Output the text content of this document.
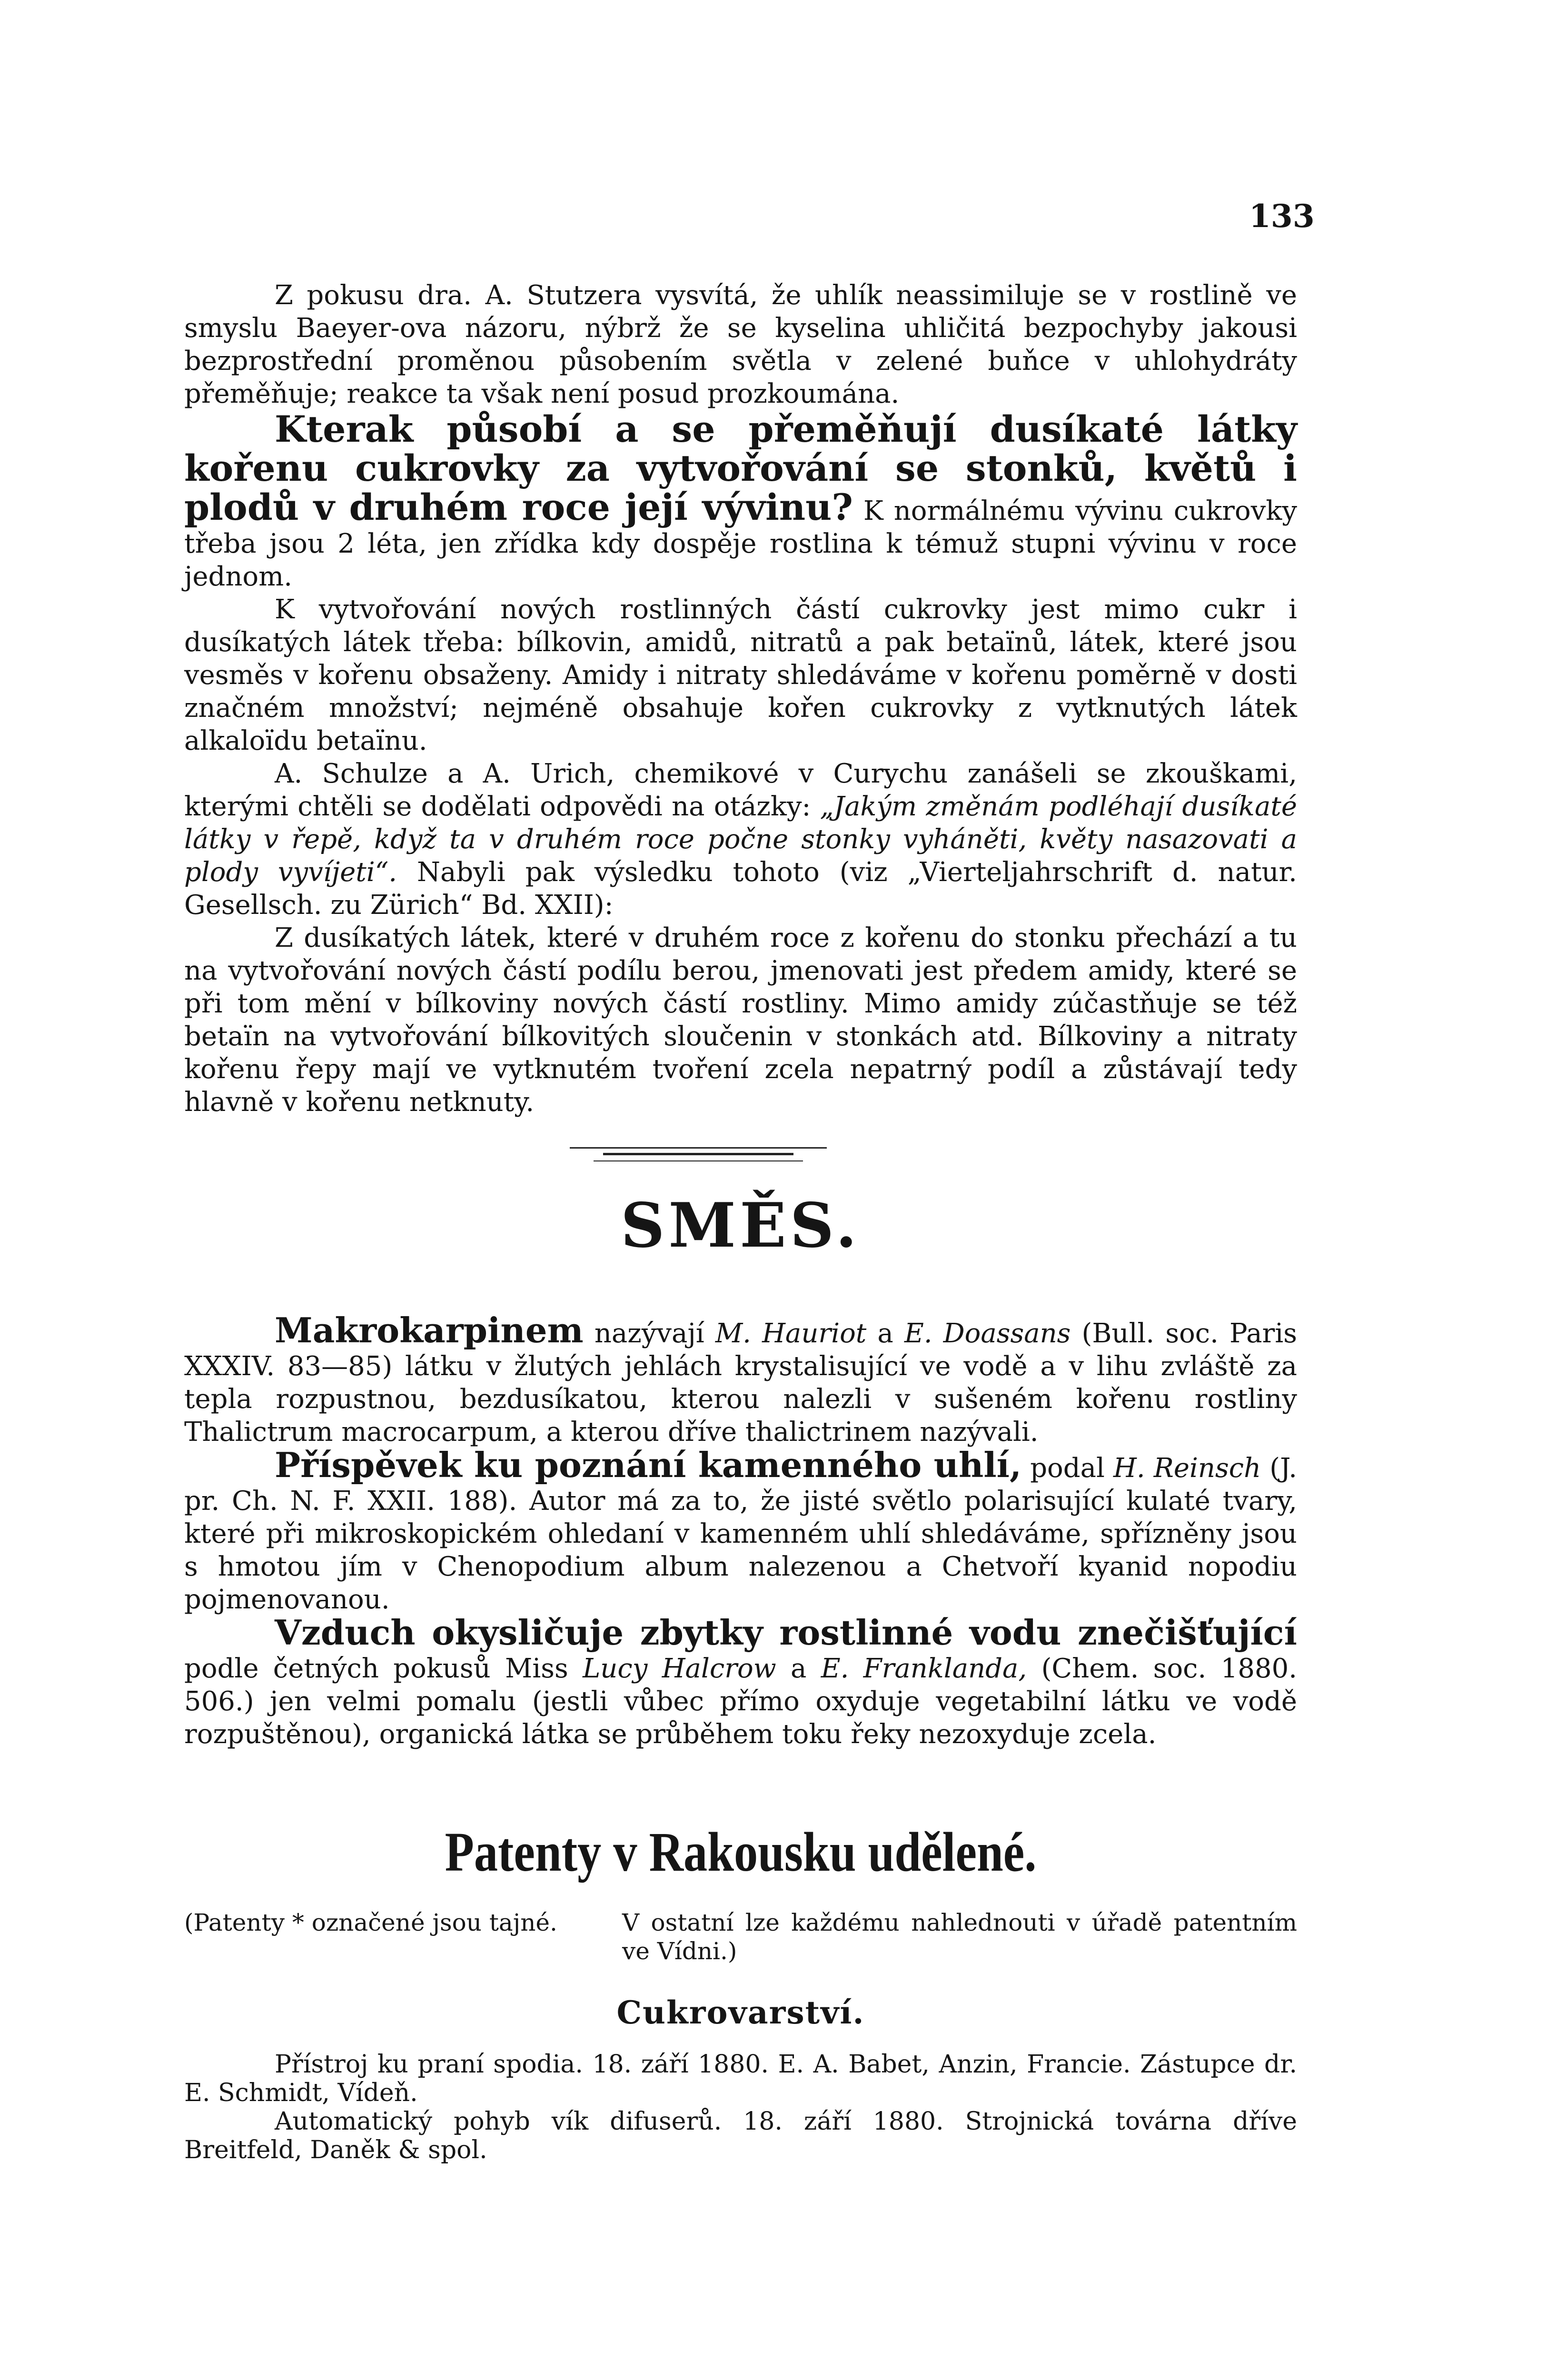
133

Z pokusu dra. A. Stutzera vysvítá, že uhlík neassimiluje se v rostlině ve smyslu Baeyer-ova názoru, nýbrž že se kyselina uhličitá bezpochyby jakousi bezprostřední proměnou působením světla v zelené buňce v uhlohydráty přeměňuje; reakce ta však není posud prozkoumána.

Kterak působí a se přeměňují dusíkaté látky kořenu cukrovky za vytvořování se stonků, květů i plodů v druhém roce její vývinu? K normálnému vývinu cukrovky třeba jsou 2 léta, jen zřídka kdy dospěje rostlina k témuž stupni vývinu v roce jednom.

K vytvořování nových rostlinných částí cukrovky jest mimo cukr i dusíkatých látek třeba: bílkovin, amidů, nitratů a pak betaïnů, látek, které jsou vesměs v kořenu obsaženy. Amidy i nitraty shledáváme v kořenu poměrně v dosti značném množství; nejméně obsahuje kořen cukrovky z vytknutých látek alkaloïdu betaïnu.

A. Schulze a A. Urich, chemikové v Curychu zanášeli se zkouškami, kterými chtěli se dodělati odpovědi na otázky: „Jakým změnám podléhají dusíkaté látky v řepě, když ta v druhém roce počne stonky vyháněti, květy nasazovati a plody vyvíjeti“. Nabyli pak výsledku tohoto (viz „Vierteljahrschrift d. natur. Gesellsch. zu Zürich“ Bd. XXII):

Z dusíkatých látek, které v druhém roce z kořenu do stonku přechází a tu na vytvořování nových částí podílu berou, jmenovati jest předem amidy, které se při tom mění v bílkoviny nových částí rostliny. Mimo amidy zúčastňuje se též betaïn na vytvořování bílkovitých sloučenin v stonkách atd. Bílkoviny a nitraty kořenu řepy mají ve vytknutém tvoření zcela nepatrný podíl a zůstávají tedy hlavně v kořenu netknuty.

SMĚS.

Makrokarpinem nazývají M. Hauriot a E. Doassans (Bull. soc. Paris XXXIV. 83—85) látku v žlutých jehlách krystalisující ve vodě a v lihu zvláště za tepla rozpustnou, bezdusíkatou, kterou nalezli v sušeném kořenu rostliny Thalictrum macrocarpum, a kterou dříve thalictrinem nazývali.

Příspěvek ku poznání kamenného uhlí, podal H. Reinsch (J. pr. Ch. N. F. XXII. 188). Autor má za to, že jisté světlo polarisující kulaté tvary, které při mikroskopickém ohledaní v kamenném uhlí shledáváme, spřízněny jsou s hmotou jím v Chenopodium album nalezenou a Chetvoří kyanid nopodiu pojmenovanou.

Vzduch okysličuje zbytky rostlinné vodu znečišťující podle četných pokusů Miss Lucy Halcrow a E. Franklanda, (Chem. soc. 1880. 506.) jen velmi pomalu (jestli vůbec přímo oxyduje vegetabilní látku ve vodě rozpuštěnou), organická látka se průběhem toku řeky nezoxyduje zcela.

Patenty v Rakousku udělené.
(Patenty * označené jsou tajné.	V ostatní lze každému nahlednouti v úřadě patentním ve Vídni.)
Cukrovarství.

Přístroj ku praní spodia. 18. září 1880. E. A. Babet, Anzin, Francie. Zástupce dr. E. Schmidt, Vídeň.

Automatický pohyb vík difuserů. 18. září 1880. Strojnická továrna dříve Breitfeld, Daněk & spol.
